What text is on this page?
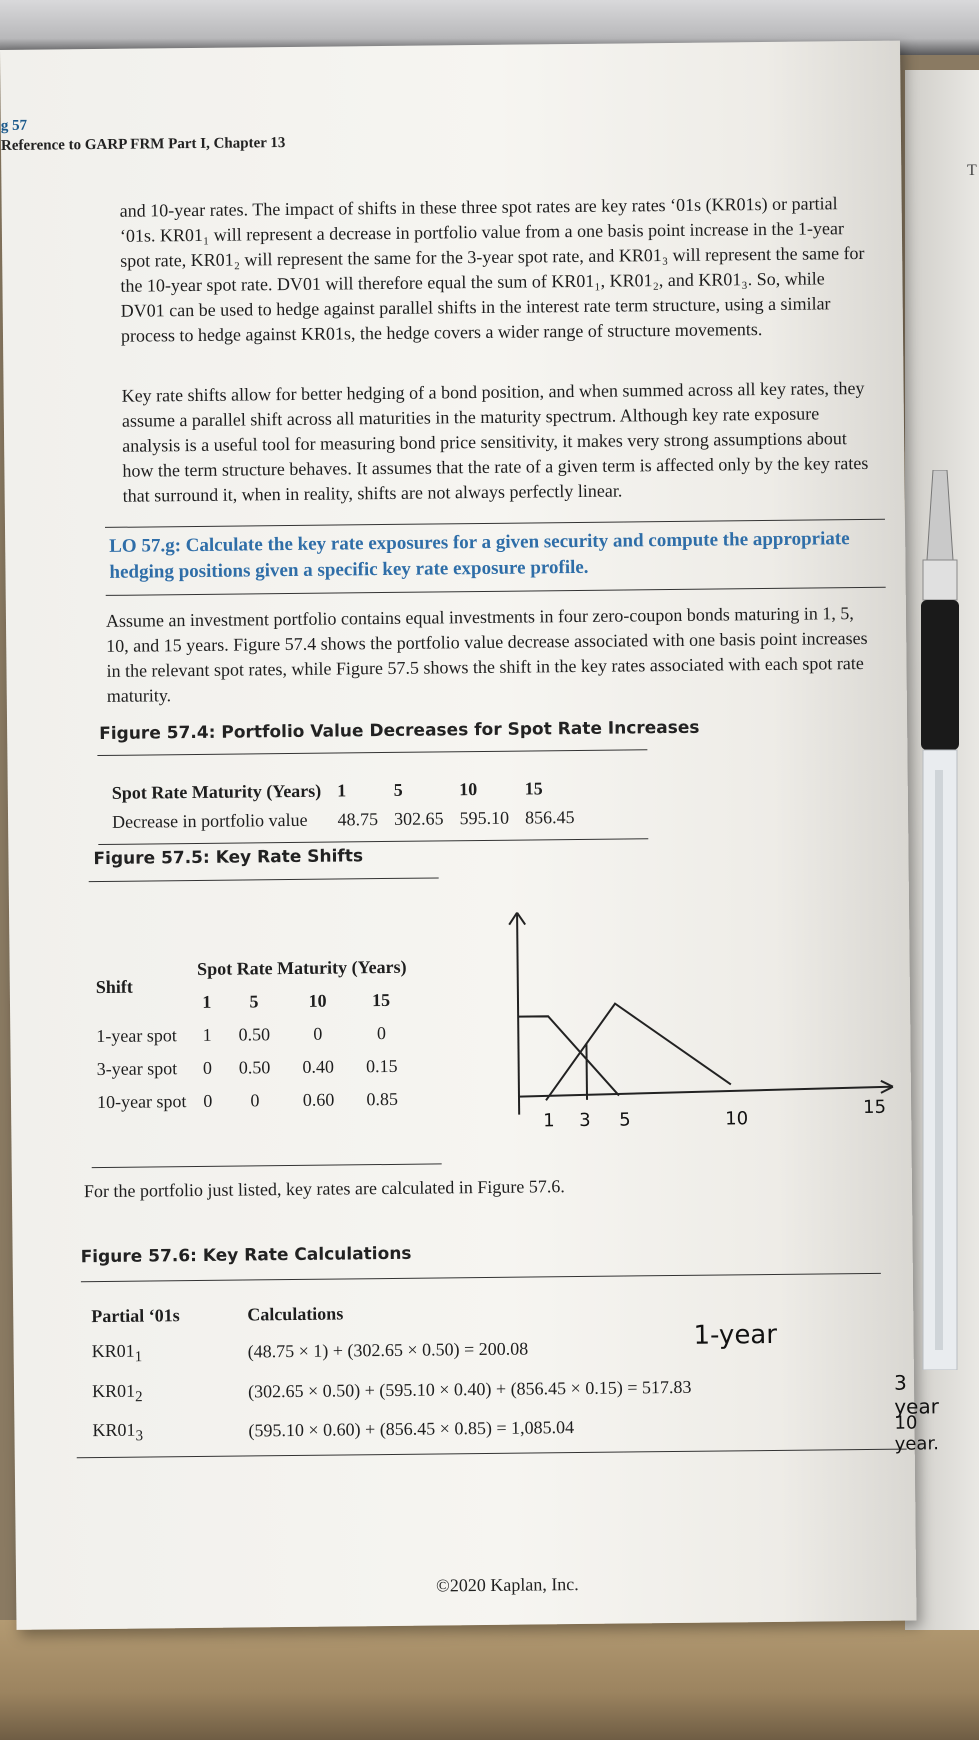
T
g 57
Reference to GARP FRM Part I, Chapter 13

and 10-year rates. The impact of shifts in these three spot rates are key rates ‘01s (KR01s) or partial ‘01s. KR01₁ will represent a decrease in portfolio value from a one basis point increase in the 1-year spot rate, KR01₂ will represent the same for the 3-year spot rate, and KR01₃ will represent the same for the 10-year spot rate. DV01 will therefore equal the sum of KR01₁, KR01₂, and KR01₃. So, while DV01 can be used to hedge against parallel shifts in the interest rate term structure, using a similar process to hedge against KR01s, the hedge covers a wider range of structure movements.

Key rate shifts allow for better hedging of a bond position, and when summed across all key rates, they assume a parallel shift across all maturities in the maturity spectrum. Although key rate exposure analysis is a useful tool for measuring bond price sensitivity, it makes very strong assumptions about how the term structure behaves. It assumes that the rate of a given term is affected only by the key rates that surround it, when in reality, shifts are not always perfectly linear.

LO 57.g: Calculate the key rate exposures for a given security and compute the appropriate hedging positions given a specific key rate exposure profile.

Assume an investment portfolio contains equal investments in four zero-coupon bonds maturing in 1, 5, 10, and 15 years. Figure 57.4 shows the portfolio value decrease associated with one basis point increases in the relevant spot rates, while Figure 57.5 shows the shift in the key rates associated with each spot rate maturity.

Figure 57.4: Portfolio Value Decreases for Spot Rate Increases
Spot Rate Maturity (Years)	1	5	10	15
Decrease in portfolio value	48.75	302.65	595.10	856.45
Figure 57.5: Key Rate Shifts
Shift	Spot Rate Maturity (Years)			
	1	5	10	15
1-year spot	1	0.50	0	0
3-year spot	0	0.50	0.40	0.15
10-year spot	0	0	0.60	0.85
1 3 5	10
15

For the portfolio just listed, key rates are calculated in Figure 57.6.

Figure 57.6: Key Rate Calculations
Partial ‘01s	Calculations
$KR01_1$	(48.75 × 1) + (302.65 × 0.50) = 200.08
$KR01_2$	(302.65 × 0.50) + (595.10 × 0.40) + (856.45 × 0.15) = 517.83
$KR01_3$	(595.10 × 0.60) + (856.45 × 0.85) = 1,085.04
1-year
3 year
10 year.
©2020 Kaplan, Inc.
